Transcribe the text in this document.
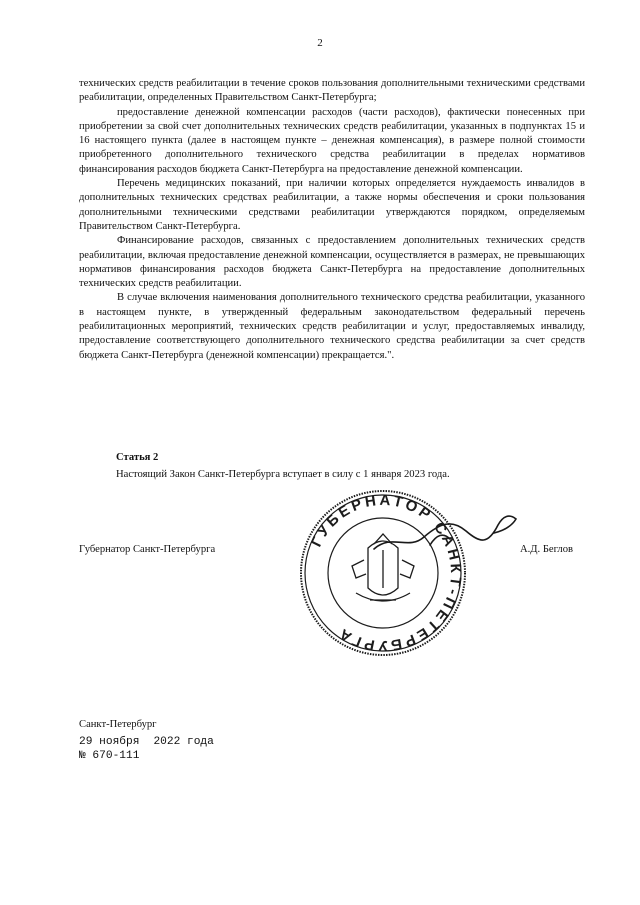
2

технических средств реабилитации в течение сроков пользования дополнительными техническими средствами реабилитации, определенных Правительством Санкт-Петербурга;

предоставление денежной компенсации расходов (части расходов), фактически понесенных при приобретении за свой счет дополнительных технических средств реабилитации, указанных в подпунктах 15 и 16 настоящего пункта (далее в настоящем пункте – денежная компенсация), в размере полной стоимости приобретенного дополнительного технического средства реабилитации в пределах нормативов финансирования расходов бюджета Санкт-Петербурга на предоставление денежной компенсации.

Перечень медицинских показаний, при наличии которых определяется нуждаемость инвалидов в дополнительных технических средствах реабилитации, а также нормы обеспечения и сроки пользования дополнительными техническими средствами реабилитации утверждаются порядком, определяемым Правительством Санкт-Петербурга.

Финансирование расходов, связанных с предоставлением дополнительных технических средств реабилитации, включая предоставление денежной компенсации, осуществляется в размерах, не превышающих нормативов финансирования расходов бюджета Санкт-Петербурга на предоставление дополнительных технических средств реабилитации.

В случае включения наименования дополнительного технического средства реабилитации, указанного в настоящем пункте, в утвержденный федеральным законодательством федеральный перечень реабилитационных мероприятий, технических средств реабилитации и услуг, предоставляемых инвалиду, предоставление соответствующего дополнительного технического средства реабилитации за счет средств бюджета Санкт-Петербурга (денежной компенсации) прекращается.".

Статья 2
Настоящий Закон Санкт-Петербурга вступает в силу с 1 января 2023 года.
Губернатор Санкт-Петербурга	ГУБЕРНАТОР САНКТ-ПЕТЕРБУРГА
А.Д. Беглов
Санкт-Петербург
29 ноября 2022 года
№ 670-111
